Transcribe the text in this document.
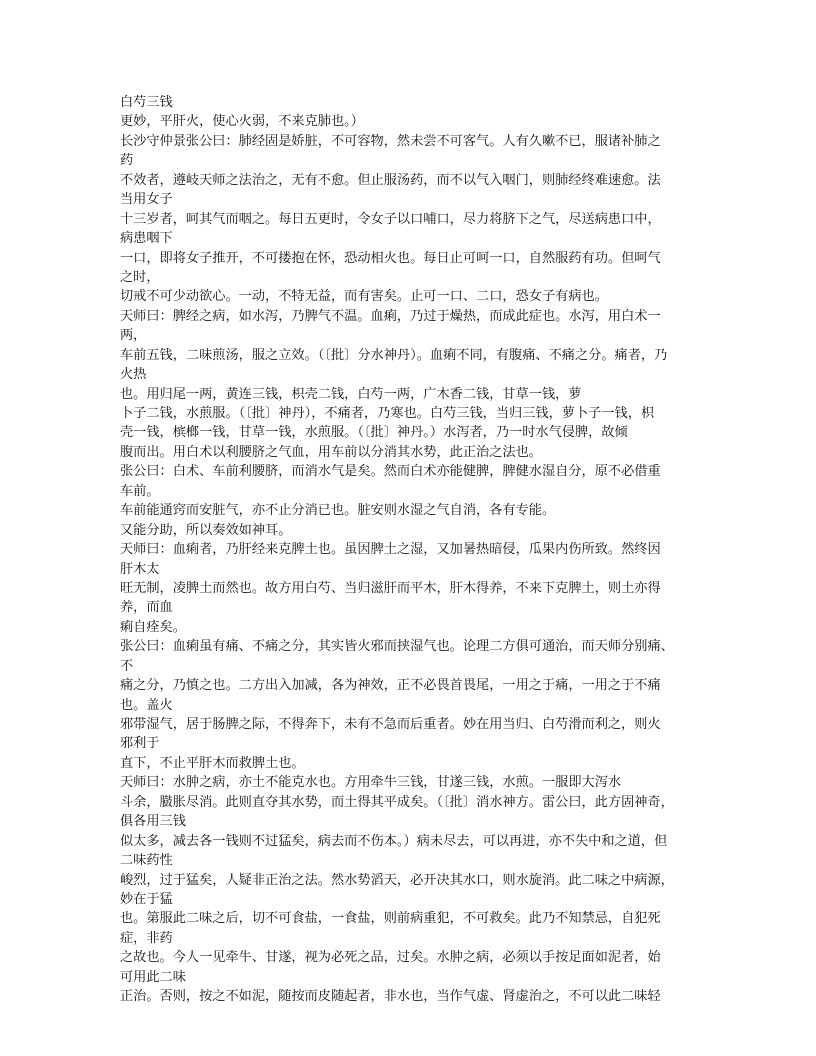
白芍三钱
更妙，平肝火，使心火弱，不来克肺也。）
长沙守仲景张公曰：肺经固是娇脏，不可容物，然未尝不可客气。人有久嗽不已，服诸补肺之
药
不效者，遵岐天师之法治之，无有不愈。但止服汤药，而不以气入咽门，则肺经终难速愈。法
当用女子
十三岁者，呵其气而咽之。每日五更时，令女子以口哺口，尽力将脐下之气，尽送病患口中，
病患咽下
一口，即将女子推开，不可搂抱在怀，恐动相火也。每日止可呵一口，自然服药有功。但呵气
之时，
切戒不可少动欲心。一动，不特无益，而有害矣。止可一口、二口，恐女子有病也。
天师曰：脾经之病，如水泻，乃脾气不温。血痢，乃过于燥热，而成此症也。水泻，用白术一
两，
车前五钱，二味煎汤，服之立效。（〔批〕分水神丹）。血痢不同，有腹痛、不痛之分。痛者，乃
火热
也。用归尾一两，黄连三钱，枳壳二钱，白芍一两，广木香二钱，甘草一钱，萝
卜子二钱，水煎服。（〔批〕神丹），不痛者，乃寒也。白芍三钱，当归三钱，萝卜子一钱，枳
壳一钱，槟榔一钱，甘草一钱，水煎服。（〔批〕神丹。）水泻者，乃一时水气侵脾，故倾
腹而出。用白术以利腰脐之气血，用车前以分消其水势，此正治之法也。
张公曰：白术、车前利腰脐，而消水气是矣。然而白术亦能健脾，脾健水湿自分，原不必借重
车前。
车前能通窍而安脏气，亦不止分消已也。脏安则水湿之气自消，各有专能。
又能分助，所以奏效如神耳。
天师曰：血痢者，乃肝经来克脾土也。虽因脾土之湿，又加暑热暗侵，瓜果内伤所致。然终因
肝木太
旺无制，凌脾土而然也。故方用白芍、当归滋肝而平木，肝木得养，不来下克脾土，则土亦得
养，而血
痢自痊矣。
张公曰：血痢虽有痛、不痛之分，其实皆火邪而挟湿气也。论理二方俱可通治，而天师分别痛、
不
痛之分，乃慎之也。二方出入加减，各为神效，正不必畏首畏尾，一用之于痛，一用之于不痛
也。盖火
邪带湿气，居于肠脾之际，不得奔下，未有不急而后重者。妙在用当归、白芍滑而利之，则火
邪利于
直下，不止平肝木而救脾土也。
天师曰：水肿之病，亦土不能克水也。方用牵牛三钱，甘遂三钱，水煎。一服即大泻水
斗余，臌胀尽消。此则直夺其水势，而土得其平成矣。（〔批〕消水神方。雷公曰，此方固神奇，
俱各用三钱
似太多，减去各一钱则不过猛矣，病去而不伤本。）病未尽去，可以再进，亦不失中和之道，但
二味药性
峻烈，过于猛矣，人疑非正治之法。然水势滔天，必开决其水口，则水旋消。此二味之中病源，
妙在于猛
也。第服此二味之后，切不可食盐，一食盐，则前病重犯，不可救矣。此乃不知禁忌，自犯死
症，非药
之故也。今人一见牵牛、甘遂，视为必死之品，过矣。水肿之病，必须以手按足面如泥者，始
可用此二味
正治。否则，按之不如泥，随按而皮随起者，非水也，当作气虚、肾虚治之，不可以此二味轻
